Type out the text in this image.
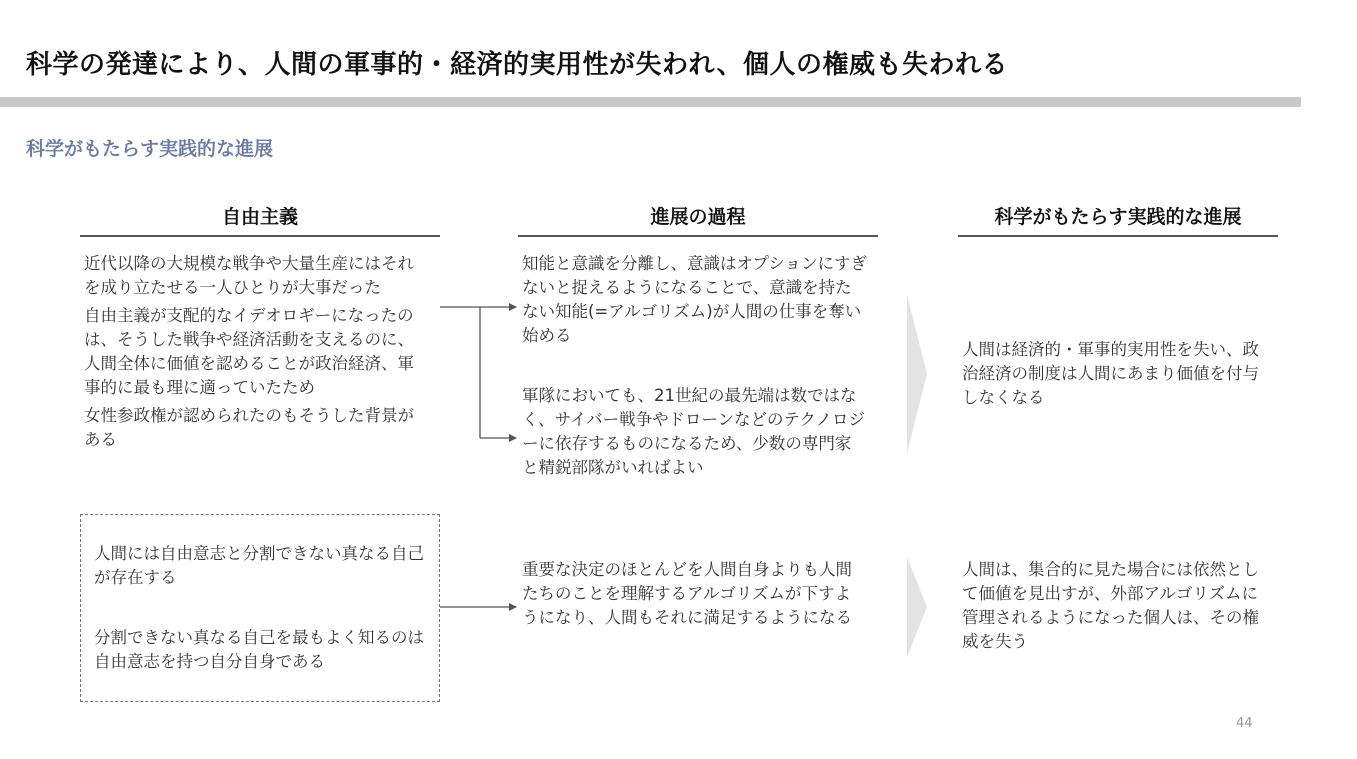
科学の発達により、人間の軍事的・経済的実用性が失われ、個人の権威も失われる
科学がもたらす実践的な進展
自由主義	進展の過程	科学がもたらす実践的な進展

近代以降の大規模な戦争や大量生産にはそれを成り立たせる一人ひとりが大事だった

自由主義が支配的なイデオロギーになったのは、そうした戦争や経済活動を支えるのに、人間全体に価値を認めることが政治経済、軍事的に最も理に適っていたため

女性参政権が認められたのもそうした背景がある

人間には自由意志と分割できない真なる自己が存在する

分割できない真なる自己を最もよく知るのは自由意志を持つ自分自身である

知能と意識を分離し、意識はオプションにすぎないと捉えるようになることで、意識を持たない知能(=アルゴリズム)が人間の仕事を奪い始める

軍隊においても、21世紀の最先端は数ではなく、サイバー戦争やドローンなどのテクノロジーに依存するものになるため、少数の専門家と精鋭部隊がいればよい

重要な決定のほとんどを人間自身よりも人間たちのことを理解するアルゴリズムが下すようになり、人間もそれに満足するようになる

人間は経済的・軍事的実用性を失い、政治経済の制度は人間にあまり価値を付与しなくなる

人間は、集合的に見た場合には依然として価値を見出すが、外部アルゴリズムに管理されるようになった個人は、その権威を失う

44
